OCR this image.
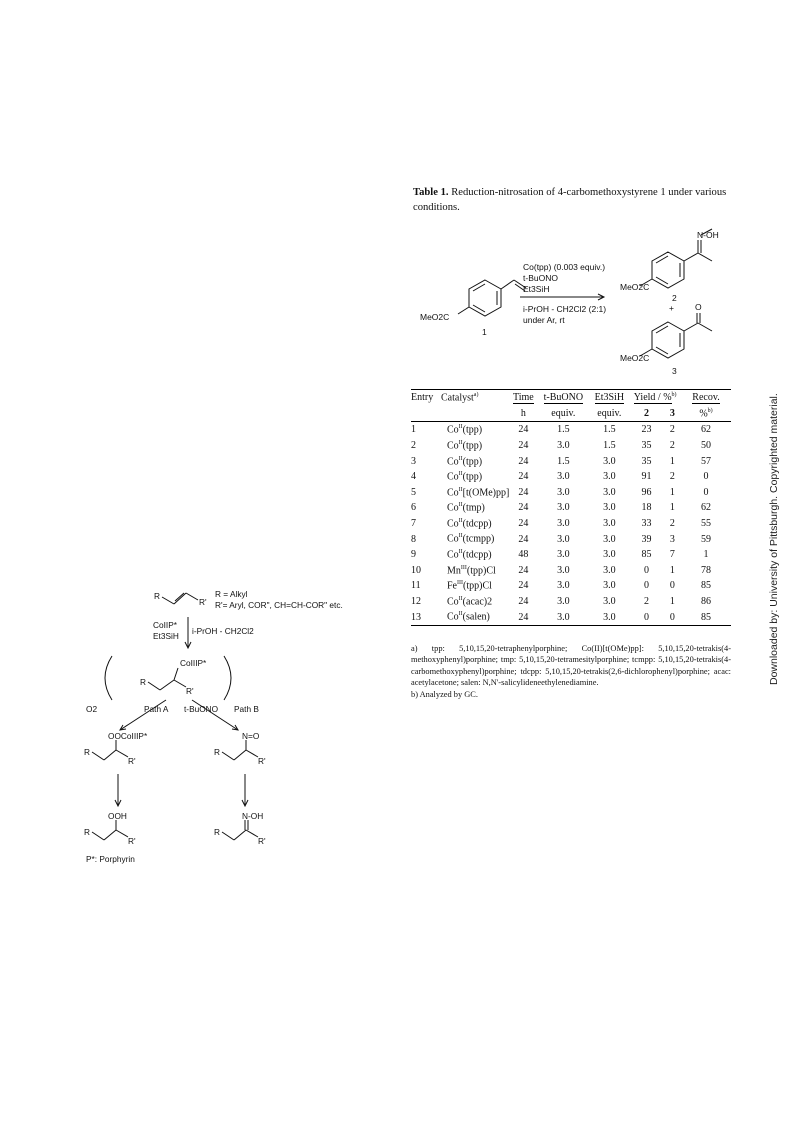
Table 1. Reduction-nitrosation of 4-carbomethoxystyrene 1 under various conditions.
MeO2C
1
Co(tpp) (0.003 equiv.)
t-BuONO
Et3SiH
i-PrOH - CH2Cl2 (2:1)
under Ar, rt
MeO2C
N-OH
2
+ O
MeO2C
3
Entry	Catalyst$^{a)}$	Time	t-BuONO	Et3SiH	Yield / %$^{b)}$		Recov.
		h	equiv.	equiv.	2	3	%$^{b)}$
1	$Co^{II}(tpp)$	24	1.5	1.5	23	2	62
2	$Co^{II}(tpp)$	24	3.0	1.5	35	2	50
3	$Co^{II}(tpp)$	24	1.5	3.0	35	1	57
4	$Co^{II}(tpp)$	24	3.0	3.0	91	2	0
5	$Co^{II}[t(OMe)pp]$	24	3.0	3.0	96	1	0
6	$Co^{II}(tmp)$	24	3.0	3.0	18	1	62
7	$Co^{II}(tdcpp)$	24	3.0	3.0	33	2	55
8	$Co^{II}(tcmpp)$	24	3.0	3.0	39	3	59
9	$Co^{II}(tdcpp)$	48	3.0	3.0	85	7	1
10	$Mn^{III}(tpp)Cl$	24	3.0	3.0	0	1	78
11	$Fe^{III}(tpp)Cl$	24	3.0	3.0	0	0	85
12	$Co^{II}(acac)2$	24	3.0	3.0	2	1	86
13	$Co^{II}(salen)$	24	3.0	3.0	0	0	85

a) tpp: 5,10,15,20-tetraphenylporphine; Co(II)[t(OMe)pp]: 5,10,15,20-tetrakis(4-methoxyphenyl)porphine; tmp: 5,10,15,20-tetramesitylporphine; tcmpp: 5,10,15,20-tetrakis(4-carbomethoxyphenyl)porphine; tdcpp: 5,10,15,20-tetrakis(2,6-dichlorophenyl)porphine; acac: acetylacetone; salen: N,N'-salicylideneethylenediamine.

b) Analyzed by GC.

R
R'
R = Alkyl
R'= Aryl, COR", CH=CH-COR" etc.
CoIIP*
Et3SiH i-PrOH - CH2Cl2
CoIIIP*
R
R'
O2	Path A t-BuONO Path B
OOCoIIIP*
R
R'
N=O
R
R'
OOH
R
R'
N-OH
R
R'
P*: Porphyrin
Downloaded by: University of Pittsburgh. Copyrighted material.
